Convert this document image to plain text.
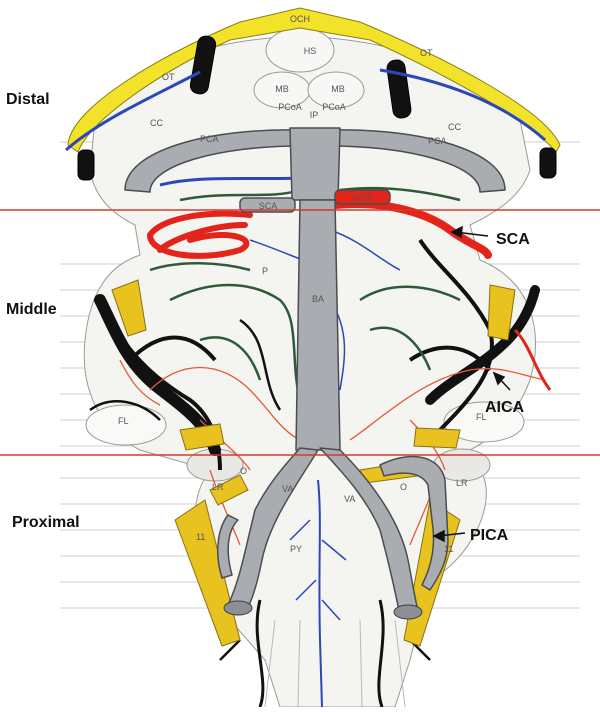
OCH
HS
OT
OT
MB	MB
PCoA PCoA
IP
CC	CC
PCA	PCA
SCA
SCA
P
BA
FL	FL
O
O
LR	LR
VA
VA
PY
11
11
Distal
Middle
Proximal
SCA
AICA
PICA
